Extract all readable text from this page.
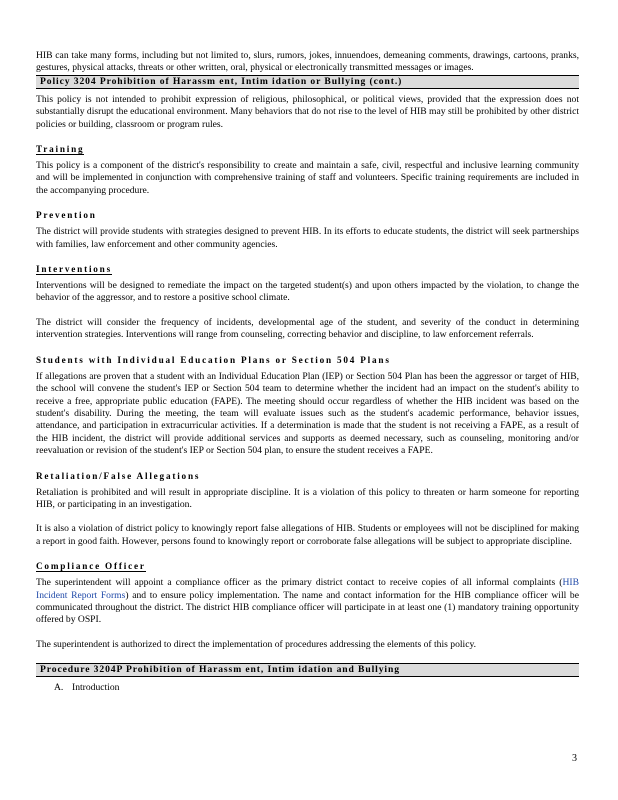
HIB can take many forms, including but not limited to, slurs, rumors, jokes, innuendoes, demeaning comments, drawings, cartoons, pranks, gestures, physical attacks, threats or other written, oral, physical or electronically transmitted messages or images.

Policy 3204 Prohibition of Harassm ent, Intim idation or Bullying (cont.)

This policy is not intended to prohibit expression of religious, philosophical, or political views, provided that the expression does not substantially disrupt the educational environment. Many behaviors that do not rise to the level of HIB may still be prohibited by other district policies or building, classroom or program rules.

Training

This policy is a component of the district's responsibility to create and maintain a safe, civil, respectful and inclusive learning community and will be implemented in conjunction with comprehensive training of staff and volunteers. Specific training requirements are included in the accompanying procedure.

Prevention

The district will provide students with strategies designed to prevent HIB. In its efforts to educate students, the district will seek partnerships with families, law enforcement and other community agencies.

Interventions

Interventions will be designed to remediate the impact on the targeted student(s) and upon others impacted by the violation, to change the behavior of the aggressor, and to restore a positive school climate.

The district will consider the frequency of incidents, developmental age of the student, and severity of the conduct in determining intervention strategies. Interventions will range from counseling, correcting behavior and discipline, to law enforcement referrals.

Students with Individual Education Plans or Section 504 Plans

If allegations are proven that a student with an Individual Education Plan (IEP) or Section 504 Plan has been the aggressor or target of HIB, the school will convene the student's IEP or Section 504 team to determine whether the incident had an impact on the student's ability to receive a free, appropriate public education (FAPE). The meeting should occur regardless of whether the HIB incident was based on the student's disability. During the meeting, the team will evaluate issues such as the student's academic performance, behavior issues, attendance, and participation in extracurricular activities. If a determination is made that the student is not receiving a FAPE, as a result of the HIB incident, the district will provide additional services and supports as deemed necessary, such as counseling, monitoring and/or reevaluation or revision of the student's IEP or Section 504 plan, to ensure the student receives a FAPE.

Retaliation/False Allegations

Retaliation is prohibited and will result in appropriate discipline. It is a violation of this policy to threaten or harm someone for reporting HIB, or participating in an investigation.

It is also a violation of district policy to knowingly report false allegations of HIB. Students or employees will not be disciplined for making a report in good faith. However, persons found to knowingly report or corroborate false allegations will be subject to appropriate discipline.

Compliance Officer

The superintendent will appoint a compliance officer as the primary district contact to receive copies of all informal complaints (HIB Incident Report Forms) and to ensure policy implementation. The name and contact information for the HIB compliance officer will be communicated throughout the district. The district HIB compliance officer will participate in at least one (1) mandatory training opportunity offered by OSPI.

The superintendent is authorized to direct the implementation of procedures addressing the elements of this policy.

Procedure 3204P Prohibition of Harassm ent, Intim idation and Bullying
A. Introduction
3
